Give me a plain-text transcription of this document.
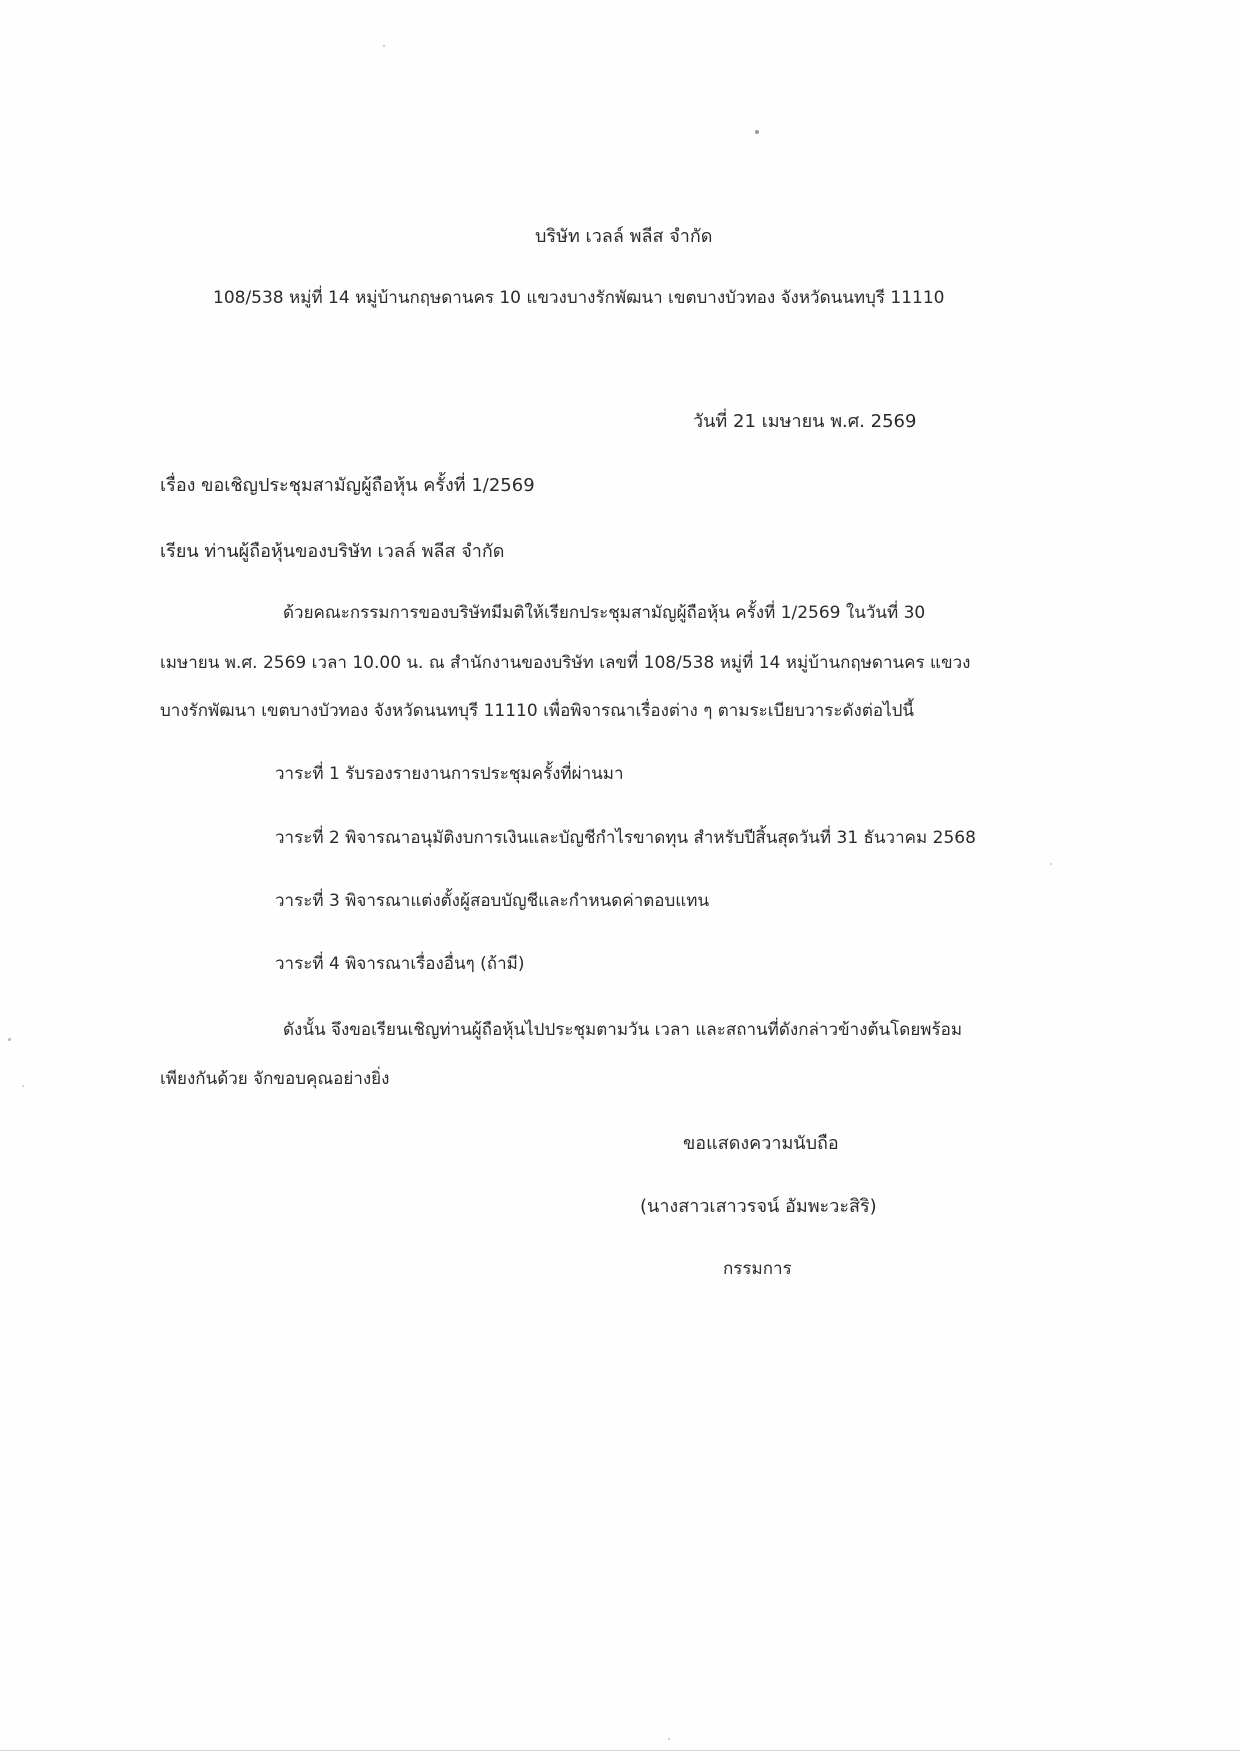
บริษัท เวลล์ พลีส จำกัด
108/538 หมู่ที่ 14 หมู่บ้านกฤษดานคร 10 แขวงบางรักพัฒนา เขตบางบัวทอง จังหวัดนนทบุรี 11110
วันที่ 21 เมษายน พ.ศ. 2569
เรื่อง ขอเชิญประชุมสามัญผู้ถือหุ้น ครั้งที่ 1/2569
เรียน ท่านผู้ถือหุ้นของบริษัท เวลล์ พลีส จำกัด
ด้วยคณะกรรมการของบริษัทมีมติให้เรียกประชุมสามัญผู้ถือหุ้น ครั้งที่ 1/2569 ในวันที่ 30
เมษายน พ.ศ. 2569 เวลา 10.00 น. ณ สำนักงานของบริษัท เลขที่ 108/538 หมู่ที่ 14 หมู่บ้านกฤษดานคร แขวง
บางรักพัฒนา เขตบางบัวทอง จังหวัดนนทบุรี 11110 เพื่อพิจารณาเรื่องต่าง ๆ ตามระเบียบวาระดังต่อไปนี้
วาระที่ 1 รับรองรายงานการประชุมครั้งที่ผ่านมา
วาระที่ 2 พิจารณาอนุมัติงบการเงินและบัญชีกำไรขาดทุน สำหรับปีสิ้นสุดวันที่ 31 ธันวาคม 2568
วาระที่ 3 พิจารณาแต่งตั้งผู้สอบบัญชีและกำหนดค่าตอบแทน
วาระที่ 4 พิจารณาเรื่องอื่นๆ (ถ้ามี)
ดังนั้น จึงขอเรียนเชิญท่านผู้ถือหุ้นไปประชุมตามวัน เวลา และสถานที่ดังกล่าวข้างต้นโดยพร้อม
เพียงกันด้วย จักขอบคุณอย่างยิ่ง
ขอแสดงความนับถือ
(นางสาวเสาวรจน์ อัมพะวะสิริ)
กรรมการ
